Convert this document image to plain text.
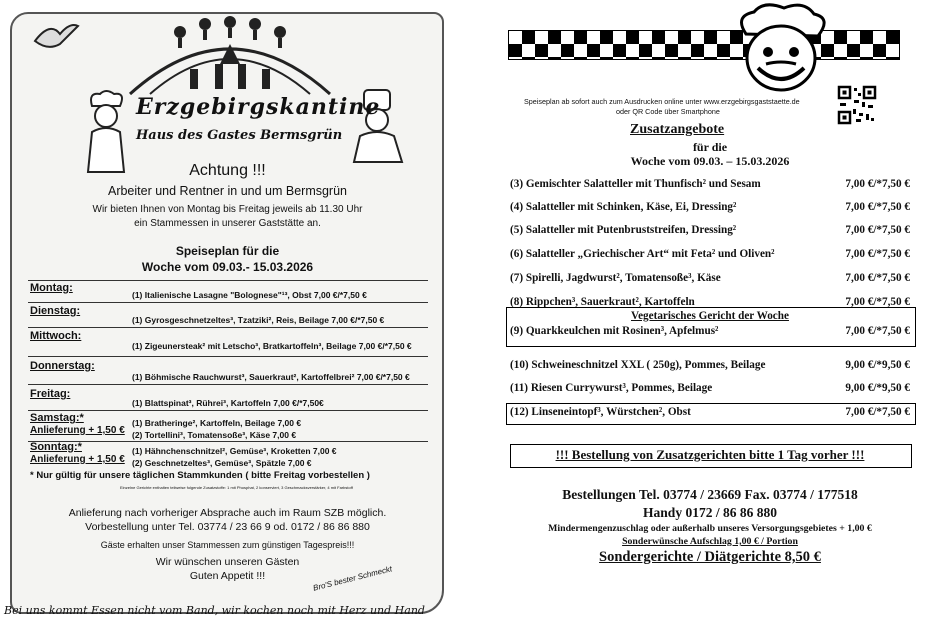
Erzgebirgskantine
Haus des Gastes Bermsgrün
Achtung !!!
Arbeiter und Rentner in und um Bermsgrün
Wir bieten Ihnen von Montag bis Freitag jeweils ab 11.30 Uhr
ein Stammessen in unserer Gaststätte an.
Speiseplan für die
Woche vom 09.03.- 15.03.2026
Montag:
(1) Italienische Lasagne "Bolognese"¹³, Obst 7,00 €/*7,50 €
Dienstag:
(1) Gyrosgeschnetzeltes³, Tzatziki², Reis, Beilage 7,00 €/*7,50 €
Mittwoch:
(1) Zigeunersteak² mit Letscho³, Bratkartoffeln³, Beilage 7,00 €/*7,50 €
Donnerstag:
(1) Böhmische Rauchwurst³, Sauerkraut², Kartoffelbrei² 7,00 €/*7,50 €
Freitag:
(1) Blattspinat³, Rührei³, Kartoffeln 7,00 €/*7,50€
Samstag:*
Anlieferung + 1,50 €
(1) Bratheringe², Kartoffeln, Beilage 7,00 €
(2) Tortellini³, Tomatensoße³, Käse 7,00 €
Sonntag:*
Anlieferung + 1,50 €
(1) Hähnchenschnitzel², Gemüse³, Kroketten 7,00 €
(2) Geschnetzeltes³, Gemüse³, Spätzle 7,00 €
* Nur gültig für unsere täglichen Stammkunden ( bitte Freitag vorbestellen )
Einzelne Gerichte enthalten teilweise folgende Zusatzstoffe: 1 mit Phosphat, 2 konserviert, 3 Geschmacksverstärker, 4 mit Farbstoff
Anlieferung nach vorheriger Absprache auch im Raum SZB möglich.
Vorbestellung unter Tel. 03774 / 23 66 9 od. 0172 / 86 86 880
Gäste erhalten unser Stammessen zum günstigen Tagespreis!!!
Wir wünschen unseren Gästen
Guten Appetit !!!	Bro'S bester Schmeckt
Bei uns kommt Essen nicht vom Band, wir kochen noch mit Herz und Hand
Speiseplan ab sofort auch zum Ausdrucken online unter www.erzgebirgsgaststaette.de
oder QR Code über Smartphone
Zusatzangebote
für die
Woche vom 09.03. – 15.03.2026
(3) Gemischter Salatteller mit Thunfisch² und Sesam	7,00 €/*7,50 €
(4) Salatteller mit Schinken, Käse, Ei, Dressing²	7,00 €/*7,50 €
(5) Salatteller mit Putenbruststreifen, Dressing²	7,00 €/*7,50 €
(6) Salatteller „Griechischer Art“ mit Feta² und Oliven²	7,00 €/*7,50 €
(7) Spirelli, Jagdwurst², Tomatensoße³, Käse	7,00 €/*7,50 €
(8) Rippchen³, Sauerkraut², Kartoffeln	7,00 €/*7,50 €
Vegetarisches Gericht der Woche
(9) Quarkkeulchen mit Rosinen³, Apfelmus²	7,00 €/*7,50 €
(10) Schweineschnitzel XXL ( 250g), Pommes, Beilage	9,00 €/*9,50 €
(11) Riesen Currywurst³, Pommes, Beilage	9,00 €/*9,50 €
(12) Linseneintopf³, Würstchen², Obst	7,00 €/*7,50 €
!!! Bestellung von Zusatzgerichten bitte 1 Tag vorher !!!
Bestellungen Tel. 03774 / 23669 Fax. 03774 / 177518
Handy 0172 / 86 86 880
Mindermengenzuschlag oder außerhalb unseres Versorgungsgebietes + 1,00 €
Sonderwünsche Aufschlag 1,00 € / Portion
Sondergerichte / Diätgerichte 8,50 €
